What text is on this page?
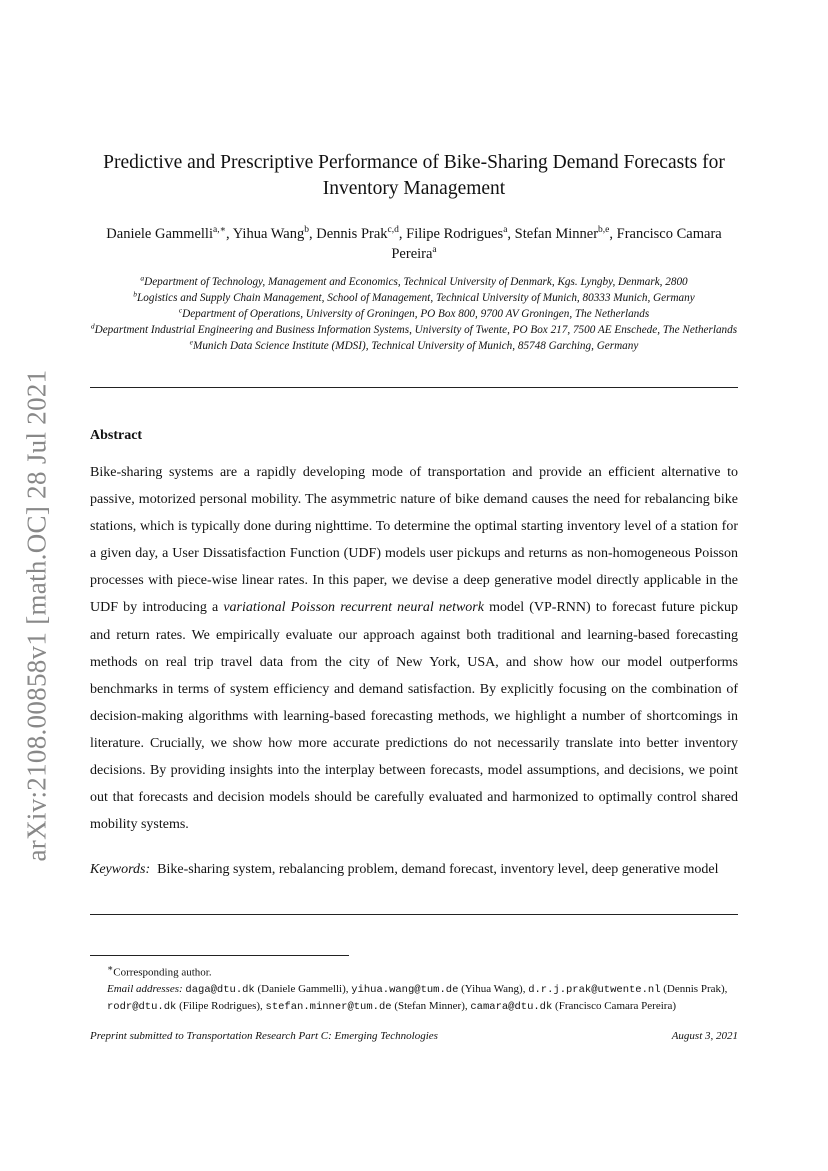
arXiv:2108.00858v1 [math.OC] 28 Jul 2021
Predictive and Prescriptive Performance of Bike-Sharing Demand Forecasts for
Inventory Management
Daniele Gammelli$^{a,∗}$, Yihua Wang$^b$, Dennis Prak$^{c,d}$, Filipe Rodrigues$^a$, Stefan Minner$^{b,e}$, Francisco Camara Pereira$^a$
$^a$Department of Technology, Management and Economics, Technical University of Denmark, Kgs. Lyngby, Denmark, 2800
$^b$Logistics and Supply Chain Management, School of Management, Technical University of Munich, 80333 Munich, Germany
$^c$Department of Operations, University of Groningen, PO Box 800, 9700 AV Groningen, The Netherlands
$^d$Department Industrial Engineering and Business Information Systems, University of Twente, PO Box 217, 7500 AE Enschede, The Netherlands
$^e$Munich Data Science Institute (MDSI), Technical University of Munich, 85748 Garching, Germany
Abstract
Bike-sharing systems are a rapidly developing mode of transportation and provide an efficient alternative to passive, motorized personal mobility. The asymmetric nature of bike demand causes the need for rebalancing bike stations, which is typically done during nighttime. To determine the optimal starting inventory level of a station for a given day, a User Dissatisfaction Function (UDF) models user pickups and returns as non-homogeneous Poisson processes with piece-wise linear rates. In this paper, we devise a deep generative model directly applicable in the UDF by introducing a variational Poisson recurrent neural network model (VP-RNN) to forecast future pickup and return rates. We empirically evaluate our approach against both traditional and learning-based forecasting methods on real trip travel data from the city of New York, USA, and show how our model outperforms benchmarks in terms of system efficiency and demand satisfaction. By explicitly focusing on the combination of decision-making algorithms with learning-based forecasting methods, we highlight a number of shortcomings in literature. Crucially, we show how more accurate predictions do not necessarily translate into better inventory decisions. By providing insights into the interplay between forecasts, model assumptions, and decisions, we point out that forecasts and decision models should be carefully evaluated and harmonized to optimally control shared mobility systems.
Keywords: Bike-sharing system, rebalancing problem, demand forecast, inventory level, deep generative model
∗Corresponding author.
Email addresses: daga@dtu.dk (Daniele Gammelli), yihua.wang@tum.de (Yihua Wang), d.r.j.prak@utwente.nl (Dennis Prak), rodr@dtu.dk (Filipe Rodrigues), stefan.minner@tum.de (Stefan Minner), camara@dtu.dk (Francisco Camara Pereira)
Preprint submitted to Transportation Research Part C: Emerging Technologies	August 3, 2021
